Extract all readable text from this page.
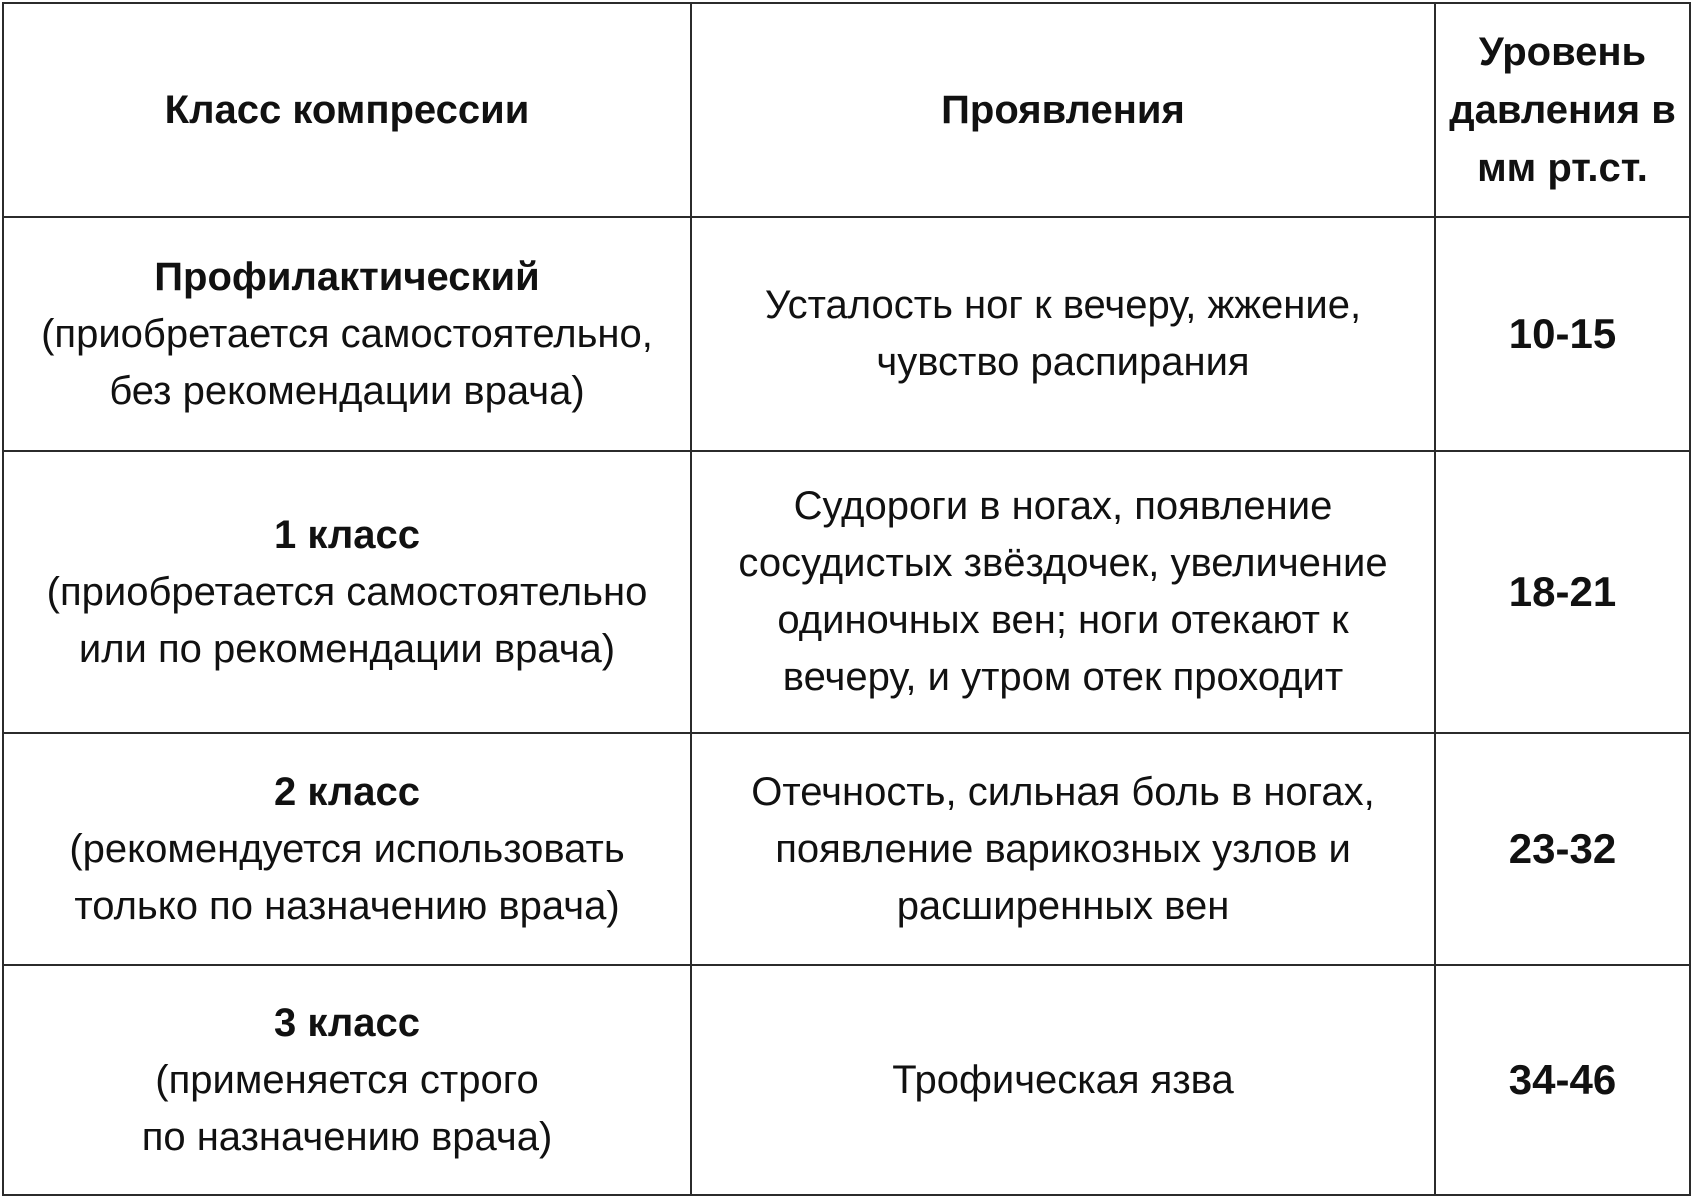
Класс компрессии	Проявления	Уровень давления в мм рт.ст.

Профилактический
(приобретается самостоятельно,
без рекомендации врача)	Усталость ног к вечеру, жжение,
чувство распирания	10-15

1 класс
(приобретается самостоятельно
или по рекомендации врача)	Судороги в ногах, появление
сосудистых звёздочек, увеличение
одиночных вен; ноги отекают к
вечеру, и утром отек проходит	18-21

2 класс
(рекомендуется использовать
только по назначению врача)	Отечность, сильная боль в ногах,
появление варикозных узлов и
расширенных вен	23-32

3 класс
(применяется строго
по назначению врача)	Трофическая язва	34-46
